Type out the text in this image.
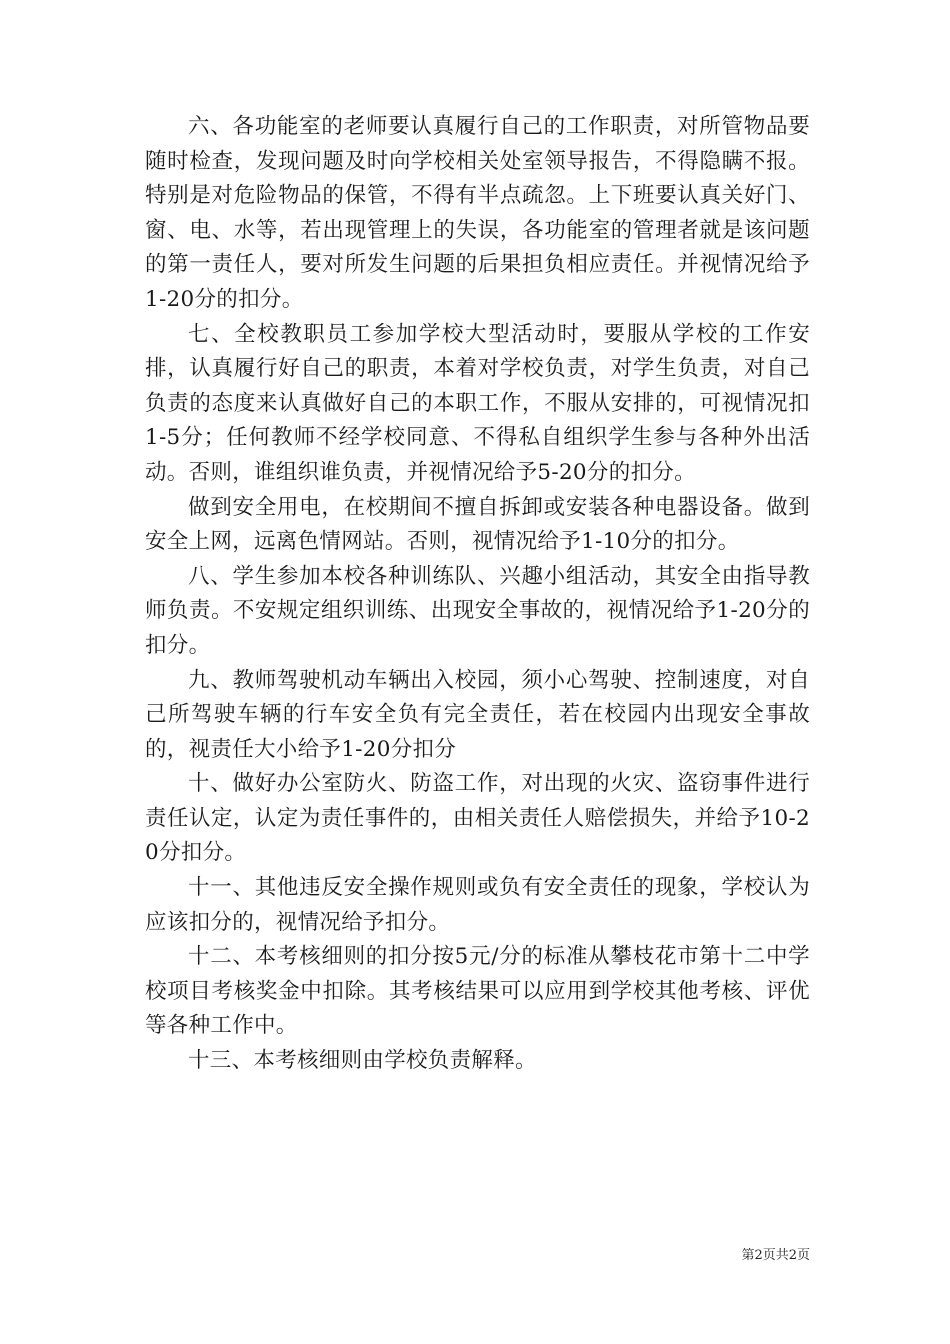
六、各功能室的老师要认真履行自己的工作职责，对所管物品要随时检查，发现问题及时向学校相关处室领导报告，不得隐瞒不报。特别是对危险物品的保管，不得有半点疏忽。上下班要认真关好门、窗、电、水等，若出现管理上的失误，各功能室的管理者就是该问题的第一责任人，要对所发生问题的后果担负相应责任。并视情况给予1-20分的扣分。

七、全校教职员工参加学校大型活动时，要服从学校的工作安排，认真履行好自己的职责，本着对学校负责，对学生负责，对自己负责的态度来认真做好自己的本职工作，不服从安排的，可视情况扣1-5分；任何教师不经学校同意、不得私自组织学生参与各种外出活动。否则，谁组织谁负责，并视情况给予5-20分的扣分。

做到安全用电，在校期间不擅自拆卸或安装各种电器设备。做到安全上网，远离色情网站。否则，视情况给予1-10分的扣分。

八、学生参加本校各种训练队、兴趣小组活动，其安全由指导教师负责。不安规定组织训练、出现安全事故的，视情况给予1-20分的扣分。

九、教师驾驶机动车辆出入校园，须小心驾驶、控制速度，对自己所驾驶车辆的行车安全负有完全责任，若在校园内出现安全事故的，视责任大小给予1-20分扣分

十、做好办公室防火、防盗工作，对出现的火灾、盗窃事件进行责任认定，认定为责任事件的，由相关责任人赔偿损失，并给予10-20分扣分。

十一、其他违反安全操作规则或负有安全责任的现象，学校认为应该扣分的，视情况给予扣分。

十二、本考核细则的扣分按5元/分的标准从攀枝花市第十二中学校项目考核奖金中扣除。其考核结果可以应用到学校其他考核、评优等各种工作中。

十三、本考核细则由学校负责解释。

第2页共2页
